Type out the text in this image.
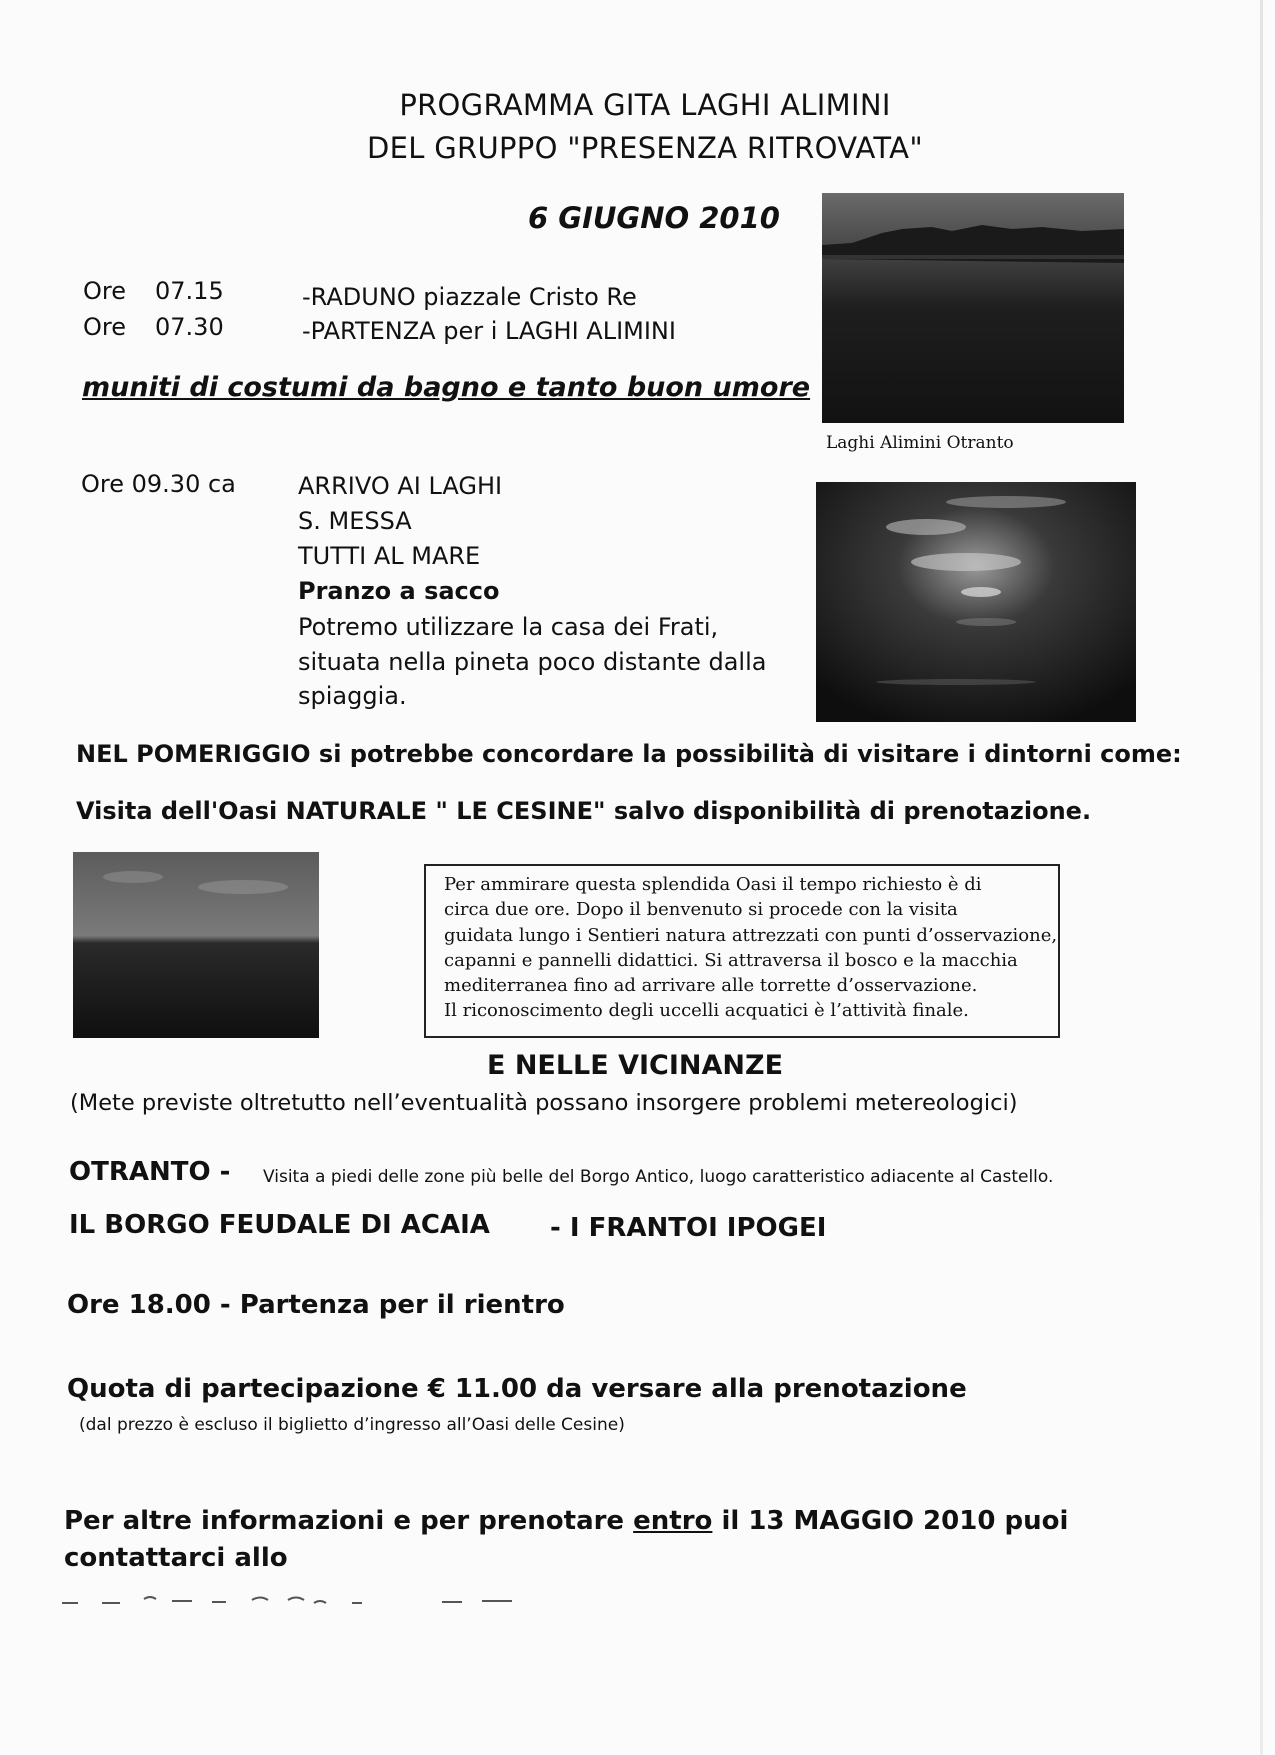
PROGRAMMA GITA LAGHI ALIMINI
DEL GRUPPO "PRESENZA RITROVATA"
6 GIUGNO 2010
Ore 07.15	-RADUNO piazzale Cristo Re
Ore 07.30	-PARTENZA per i LAGHI ALIMINI
muniti di costumi da bagno e tanto buon umore
Laghi Alimini Otranto
Ore 09.30 ca	ARRIVO AI LAGHI
S. MESSA
TUTTI AL MARE
Pranzo a sacco
Potremo utilizzare la casa dei Frati,
situata nella pineta poco distante dalla
spiaggia.
NEL POMERIGGIO si potrebbe concordare la possibilità di visitare i dintorni come:
Visita dell'Oasi NATURALE " LE CESINE" salvo disponibilità di prenotazione.
Per ammirare questa splendida Oasi il tempo richiesto è di
circa due ore. Dopo il benvenuto si procede con la visita
guidata lungo i Sentieri natura attrezzati con punti d’osservazione,
capanni e pannelli didattici. Si attraversa il bosco e la macchia
mediterranea fino ad arrivare alle torrette d’osservazione.
Il riconoscimento degli uccelli acquatici è l’attività finale.
E NELLE VICINANZE
(Mete previste oltretutto nell’eventualità possano insorgere problemi metereologici)
OTRANTO - Visita a piedi delle zone più belle del Borgo Antico, luogo caratteristico adiacente al Castello.
IL BORGO FEUDALE DI ACAIA - I FRANTOI IPOGEI
Ore 18.00 - Partenza per il rientro
Quota di partecipazione € 11.00 da versare alla prenotazione
(dal prezzo è escluso il biglietto d’ingresso all’Oasi delle Cesine)
Per altre informazioni e per prenotare entro il 13 MAGGIO 2010 puoi
contattarci allo
